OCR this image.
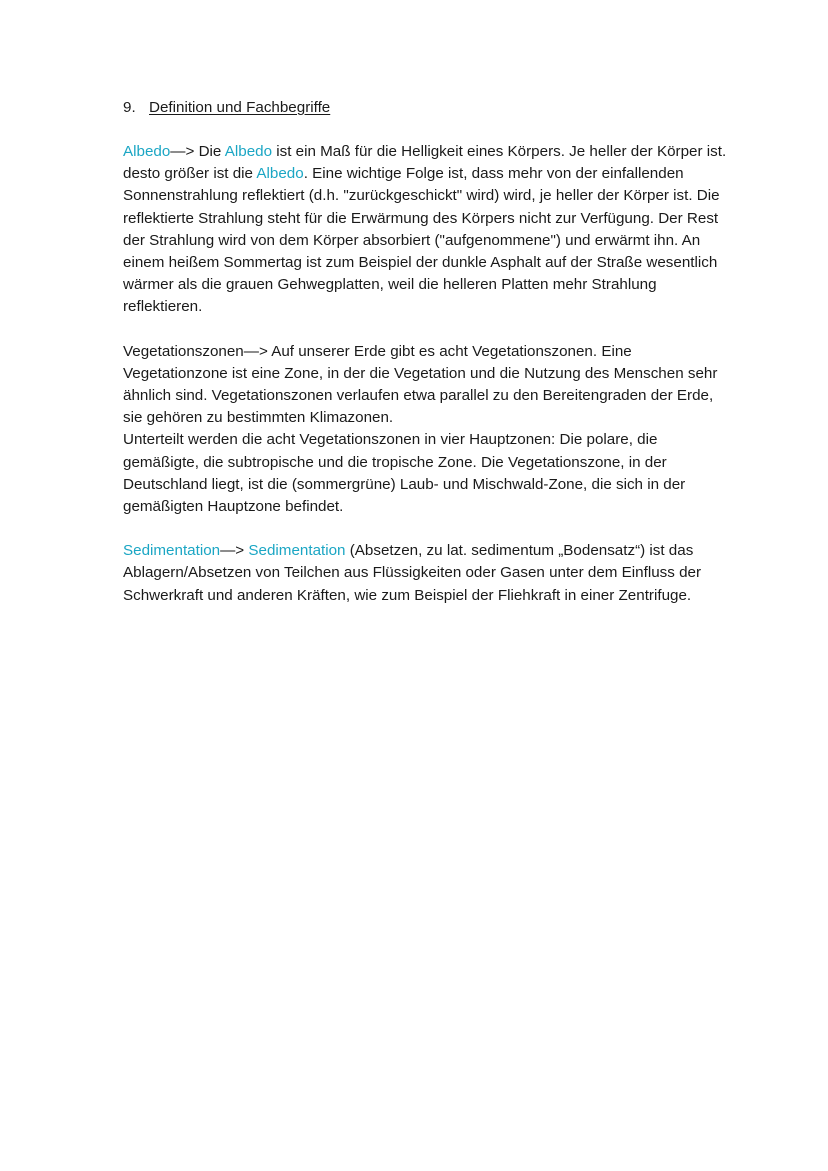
9. Definition und Fachbegriffe

Albedo—> Die Albedo ist ein Maß für die Helligkeit eines Körpers. Je heller der Körper ist. desto größer ist die Albedo. Eine wichtige Folge ist, dass mehr von der einfallenden Sonnenstrahlung reflektiert (d.h. "zurückgeschickt" wird) wird, je heller der Körper ist. Die reflektierte Strahlung steht für die Erwärmung des Körpers nicht zur Verfügung. Der Rest der Strahlung wird von dem Körper absorbiert ("aufgenommene") und erwärmt ihn. An einem heißem Sommertag ist zum Beispiel der dunkle Asphalt auf der Straße wesentlich wärmer als die grauen Gehwegplatten, weil die helleren Platten mehr Strahlung reflektieren.

Vegetationszonen—> Auf unserer Erde gibt es acht Vegetationszonen. Eine Vegetationzone ist eine Zone, in der die Vegetation und die Nutzung des Menschen sehr ähnlich sind. Vegetationszonen verlaufen etwa parallel zu den Bereitengraden der Erde, sie gehören zu bestimmten Klimazonen.
Unterteilt werden die acht Vegetationszonen in vier Hauptzonen: Die polare, die gemäßigte, die subtropische und die tropische Zone. Die Vegetationszone, in der Deutschland liegt, ist die (sommergrüne) Laub- und Mischwald-Zone, die sich in der gemäßigten Hauptzone befindet.

Sedimentation—> Sedimentation (Absetzen, zu lat. sedimentum „Bodensatz“) ist das Ablagern/Absetzen von Teilchen aus Flüssigkeiten oder Gasen unter dem Einfluss der Schwerkraft und anderen Kräften, wie zum Beispiel der Fliehkraft in einer Zentrifuge.
